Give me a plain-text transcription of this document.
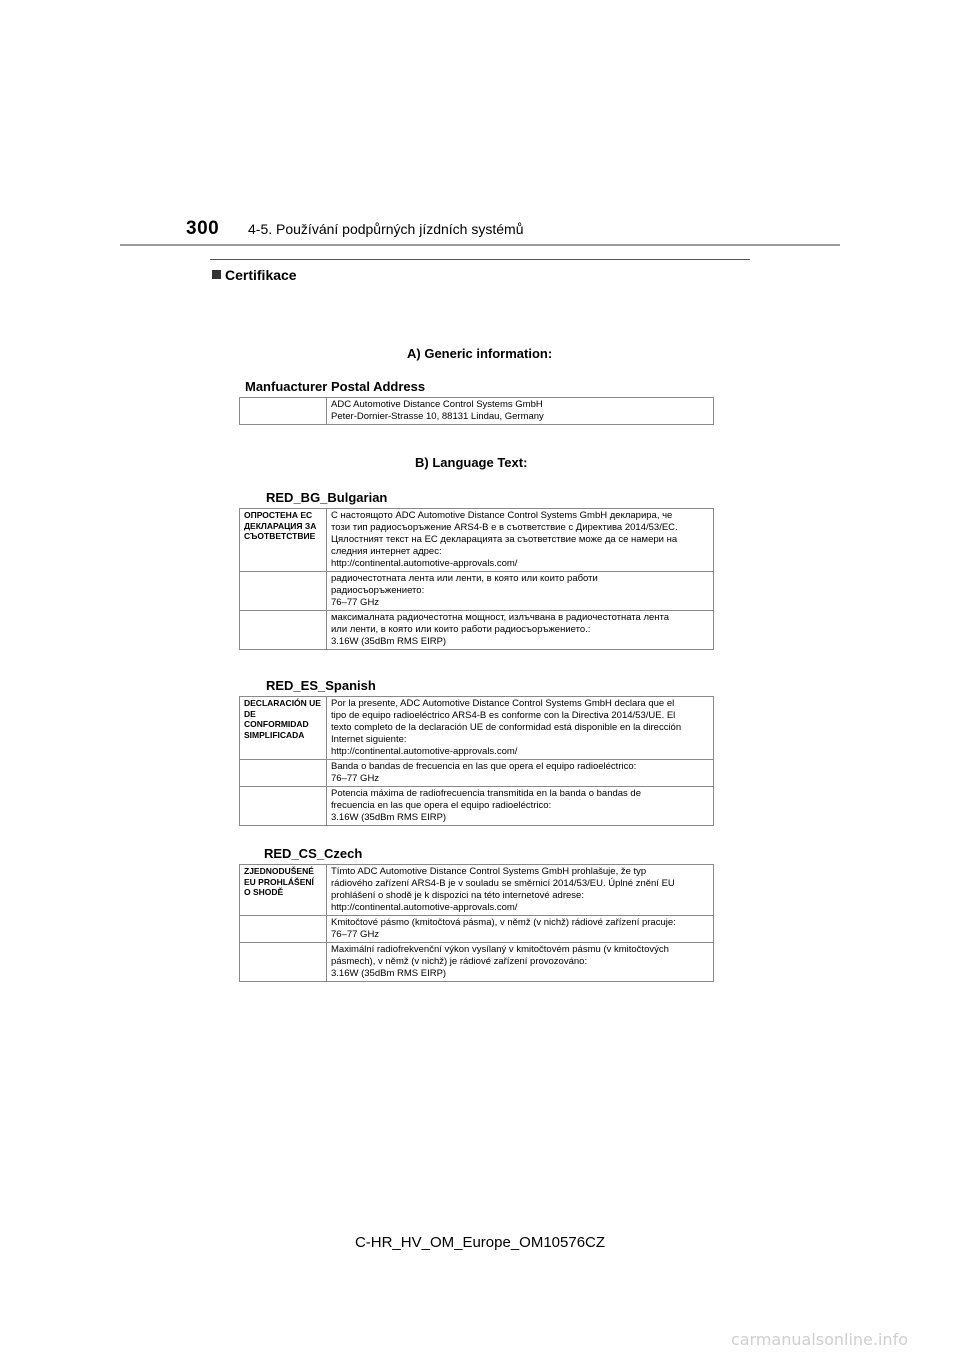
300 4-5. Používání podpůrných jízdních systémů
Certifikace
A) Generic information:
Manfuacturer Postal Address

ADC Automotive Distance Control Systems GmbH
Peter-Dornier-Strasse 10, 88131 Lindau, Germany
B) Language Text:
RED_BG_Bulgarian
ОПРОСТЕНА ЕС ДЕКЛАРАЦИЯ ЗА СЪОТВЕТСТВИЕ	С настоящото ADC Automotive Distance Control Systems GmbH декларира, че
този тип радиосъоръжение ARS4-B е в съответствие с Директива 2014/53/ЕС.
Цялостният текст на ЕС декларацията за съответствие може да се намери на
следния интернет адрес:
http://continental.automotive-approvals.com/

	радиочестотната лента или ленти, в която или които работи
радиосъоръжението:
76–77 GHz

	максималната радиочестотна мощност, излъчвана в радиочестотната лента
или ленти, в която или които работи радиосъоръжението.:
3.16W (35dBm RMS EIRP)
RED_ES_Spanish
DECLARACIÓN UE DE CONFORMIDAD SIMPLIFICADA	Por la presente, ADC Automotive Distance Control Systems GmbH declara que el
tipo de equipo radioeléctrico ARS4-B es conforme con la Directiva 2014/53/UE. El
texto completo de la declaración UE de conformidad está disponible en la dirección
Internet siguiente:
http://continental.automotive-approvals.com/

	Banda o bandas de frecuencia en las que opera el equipo radioeléctrico:
76–77 GHz

	Potencia máxima de radiofrecuencia transmitida en la banda o bandas de
frecuencia en las que opera el equipo radioeléctrico:
3.16W (35dBm RMS EIRP)
RED_CS_Czech
ZJEDNODUŠENÉ EU PROHLÁŠENÍ O SHODĚ	Tímto ADC Automotive Distance Control Systems GmbH prohlašuje, že typ
rádiového zařízení ARS4-B je v souladu se směrnicí 2014/53/EU. Úplné znění EU
prohlášení o shodě je k dispozici na této internetové adrese:
http://continental.automotive-approvals.com/

	Kmitočtové pásmo (kmitočtová pásma), v němž (v nichž) rádiové zařízení pracuje:
76–77 GHz

	Maximální radiofrekvenční výkon vysílaný v kmitočtovém pásmu (v kmitočtových
pásmech), v němž (v nichž) je rádiové zařízení provozováno:
3.16W (35dBm RMS EIRP)
C-HR_HV_OM_Europe_OM10576CZ
carmanualsonline.info
